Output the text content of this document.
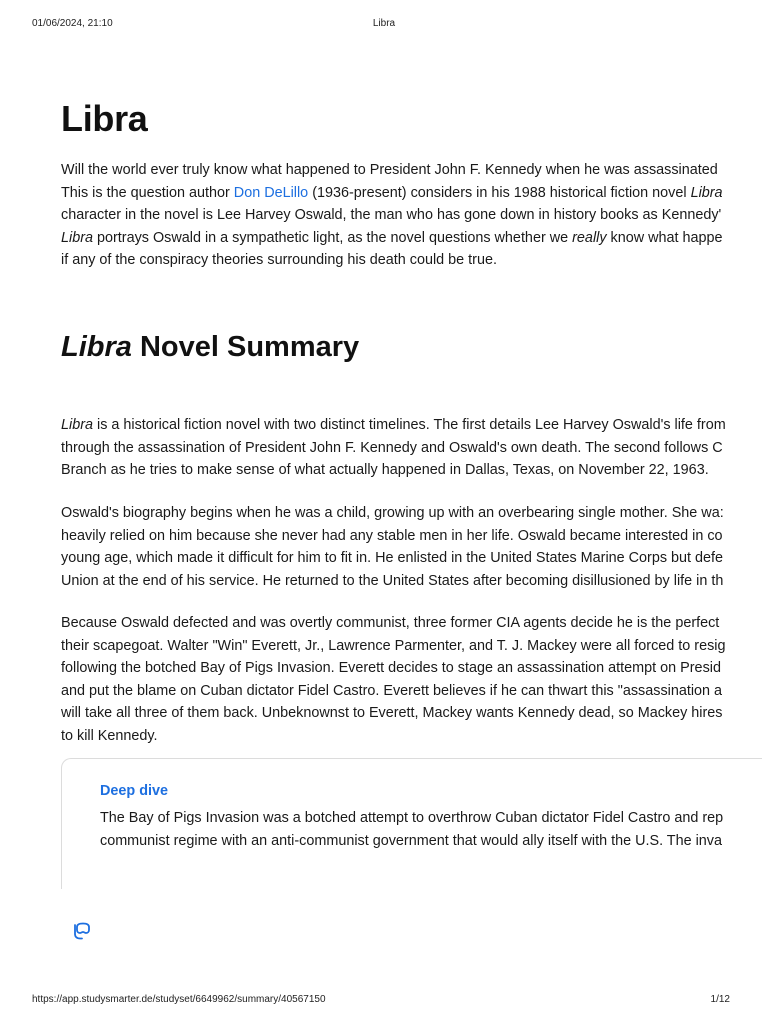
01/06/2024, 21:10	Libra
Libra
Will the world ever truly know what happened to President John F. Kennedy when he was assassinated
This is the question author Don DeLillo (1936-present) considers in his 1988 historical fiction novel Libra
character in the novel is Lee Harvey Oswald, the man who has gone down in history books as Kennedy'
Libra portrays Oswald in a sympathetic light, as the novel questions whether we really know what happe
if any of the conspiracy theories surrounding his death could be true.
Libra Novel Summary
Libra is a historical fiction novel with two distinct timelines. The first details Lee Harvey Oswald's life from
through the assassination of President John F. Kennedy and Oswald's own death. The second follows C
Branch as he tries to make sense of what actually happened in Dallas, Texas, on November 22, 1963.
Oswald's biography begins when he was a child, growing up with an overbearing single mother. She wa:
heavily relied on him because she never had any stable men in her life. Oswald became interested in co
young age, which made it difficult for him to fit in. He enlisted in the United States Marine Corps but defe
Union at the end of his service. He returned to the United States after becoming disillusioned by life in th
Because Oswald defected and was overtly communist, three former CIA agents decide he is the perfect
their scapegoat. Walter "Win" Everett, Jr., Lawrence Parmenter, and T. J. Mackey were all forced to resiɡ
following the botched Bay of Pigs Invasion. Everett decides to stage an assassination attempt on Presid
and put the blame on Cuban dictator Fidel Castro. Everett believes if he can thwart this "assassination a
will take all three of them back. Unbeknownst to Everett, Mackey wants Kennedy dead, so Mackey hires
to kill Kennedy.
Deep dive
The Bay of Pigs Invasion was a botched attempt to overthrow Cuban dictator Fidel Castro and rep
communist regime with an anti-communist government that would ally itself with the U.S. The inva
https://app.studysmarter.de/studyset/6649962/summary/40567150	1/12
